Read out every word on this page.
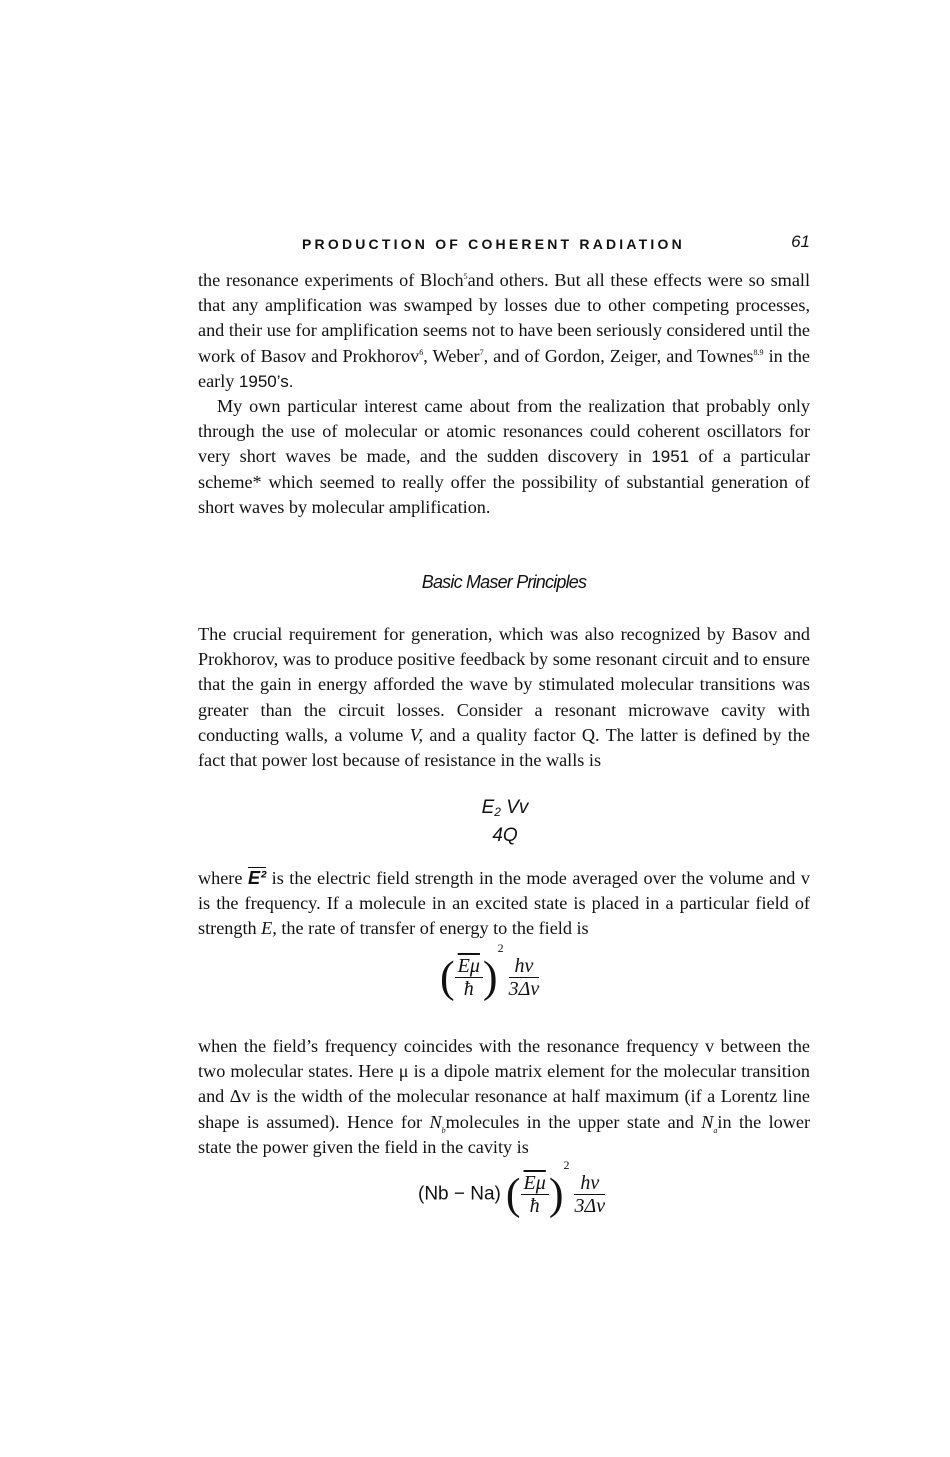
PRODUCTION OF COHERENT RADIATION	61

the resonance experiments of Bloch$^5$and others. But all these effects were so small that any amplification was swamped by losses due to other competing processes, and their use for amplification seems not to have been seriously considered until the work of Basov and Prokhorov$^6$, Weber$^7$, and of Gordon, Zeiger, and Townes$^{8.9}$ in the early 1950’s.

My own particular interest came about from the realization that probably only through the use of molecular or atomic resonances could coherent oscillators for very short waves be made, and the sudden discovery in 1951 of a particular scheme* which seemed to really offer the possibility of substantial generation of short waves by molecular amplification.

Basic Maser Principles

The crucial requirement for generation, which was also recognized by Basov and Prokhorov, was to produce positive feedback by some resonant circuit and to ensure that the gain in energy afforded the wave by stimulated molecular transitions was greater than the circuit losses. Consider a resonant microwave cavity with conducting walls, a volume V, and a quality factor Q. The latter is defined by the fact that power lost because of resistance in the walls is

$E^2$ Vv
4Q

where E² is the electric field strength in the mode averaged over the volume and v is the frequency. If a molecule in an excited state is placed in a particular field of strength E, the rate of transfer of energy to the field is

( $\frac{\overline{E\mu}}{ħ} )^2$
$\frac{h\nu}{3\Delta\nu}$

when the field’s frequency coincides with the resonance frequency v between the two molecular states. Here μ is a dipole matrix element for the molecular transition and Δv is the width of the molecular resonance at half maximum (if a Lorentz line shape is assumed). Hence for $N_bmolecules$ in the upper state and $N_ain$ the lower state the power given the field in the cavity is

(Nb − Na) ( $\frac{\overline{E\mu}}{ħ} )^2$
$\frac{h\nu}{3\Delta\nu}$
